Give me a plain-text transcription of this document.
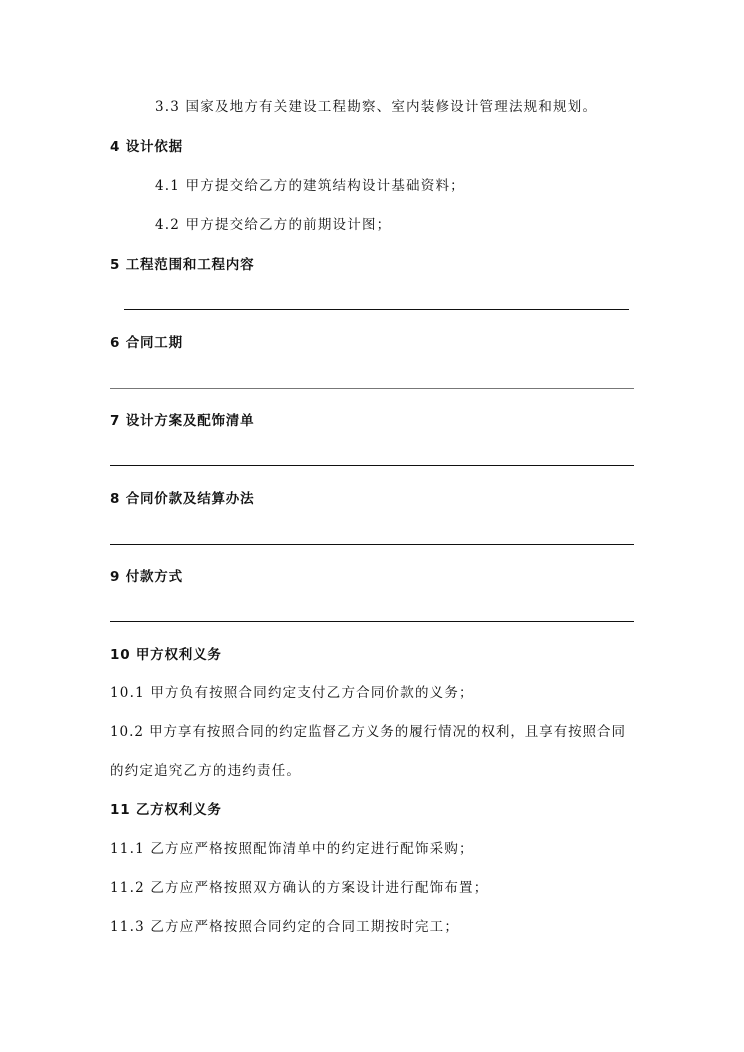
3.3 国家及地方有关建设工程勘察、室内装修设计管理法规和规划。
4 设计依据
4.1 甲方提交给乙方的建筑结构设计基础资料；
4.2 甲方提交给乙方的前期设计图；
5 工程范围和工程内容
6 合同工期
7 设计方案及配饰清单
8 合同价款及结算办法
9 付款方式
10 甲方权利义务
10.1 甲方负有按照合同约定支付乙方合同价款的义务；
10.2 甲方享有按照合同的约定监督乙方义务的履行情况的权利，且享有按照合同
的约定追究乙方的违约责任。
11 乙方权利义务
11.1 乙方应严格按照配饰清单中的约定进行配饰采购；
11.2 乙方应严格按照双方确认的方案设计进行配饰布置；
11.3 乙方应严格按照合同约定的合同工期按时完工；
